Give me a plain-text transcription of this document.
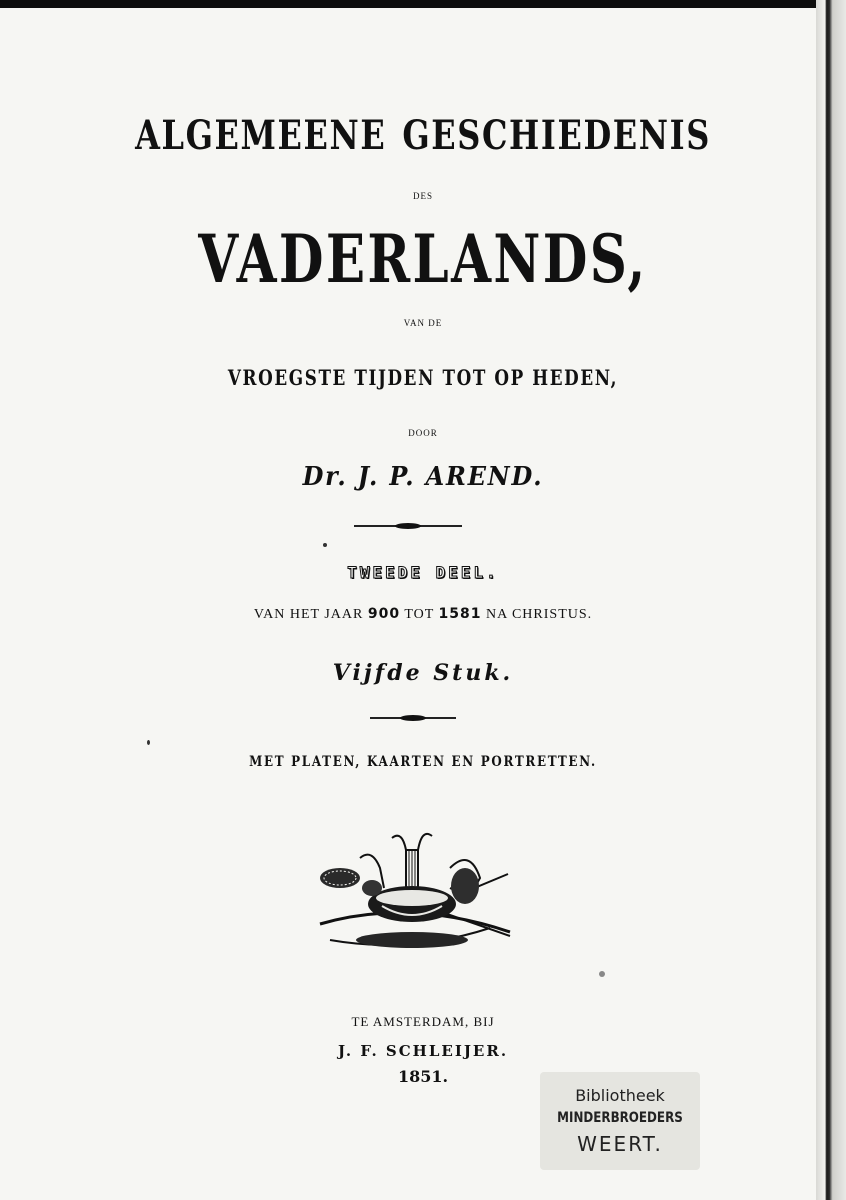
ALGEMEENE GESCHIEDENIS
DES
VADERLANDS,
VAN DE
VROEGSTE TIJDEN TOT OP HEDEN,
DOOR
Dr. J. P. AREND.
TWEEDE DEEL.
VAN HET JAAR 900 TOT 1581 NA CHRISTUS.
Vijfde Stuk.
MET PLATEN, KAARTEN EN PORTRETTEN.
TE AMSTERDAM, BIJ
J. F. SCHLEIJER.
1851.
Bibliotheek
MINDERBROEDERS
WEERT.
